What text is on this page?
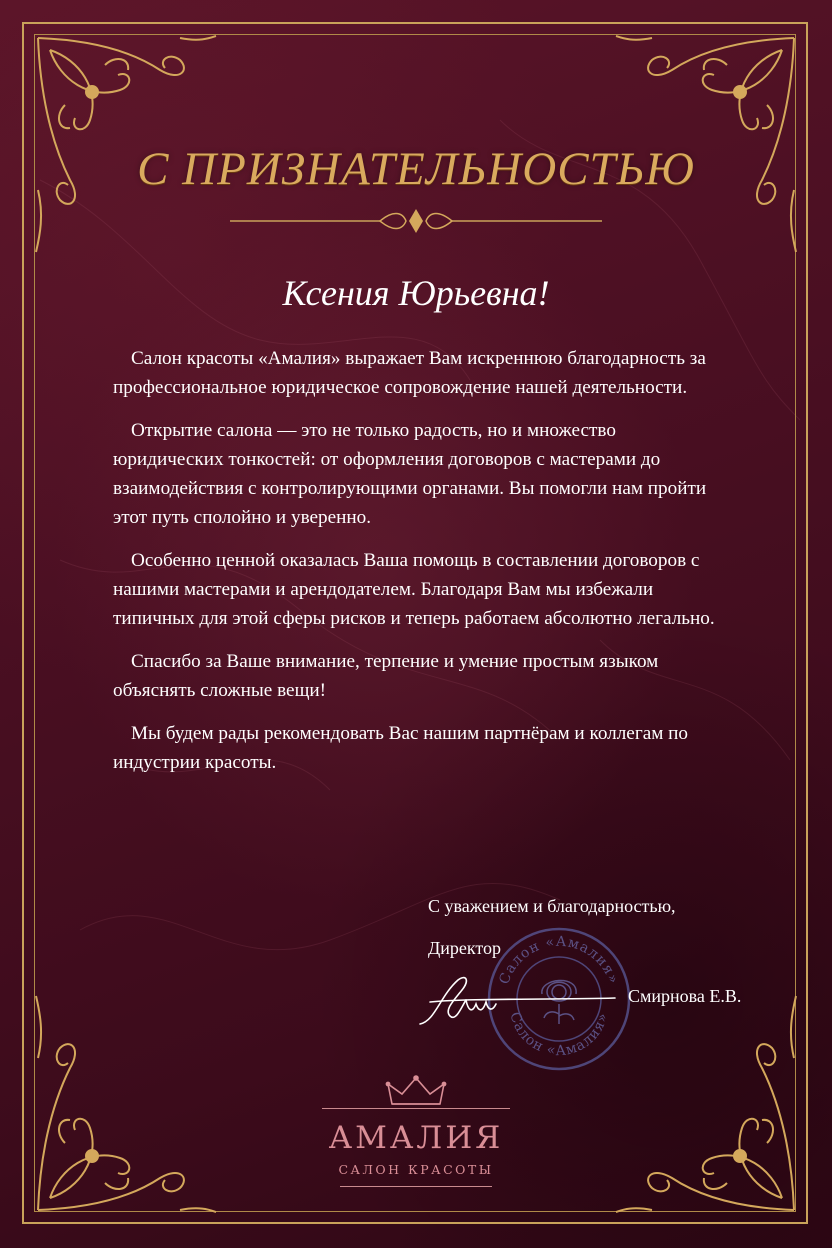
С ПРИЗНАТЕЛЬНОСТЬЮ
Ксения Юрьевна!

Салон красоты «Амалия» выражает Вам искреннюю благодарность за профессиональное юридическое сопровождение нашей деятельности.

Открытие салона — это не только радость, но и множество юридических тонкостей: от оформления договоров с мастерами до взаимодействия с контролирующими органами. Вы помогли нам пройти этот путь сполойно и уверенно.

Особенно ценной оказалась Ваша помощь в составлении договоров с нашими мастерами и арендодателем. Благодаря Вам мы избежали типичных для этой сферы рисков и теперь работаем абсолютно легально.

Спасибо за Ваше внимание, терпение и умение простым языком объяснять сложные вещи!

Мы будем рады рекомендовать Вас нашим партнёрам и коллегам по индустрии красоты.

С уважением и благодарностью,
Директор
Салон «Амалия»
Салон «Амалия»
Смирнова Е.В.
АМАЛИЯ
САЛОН КРАСОТЫ
